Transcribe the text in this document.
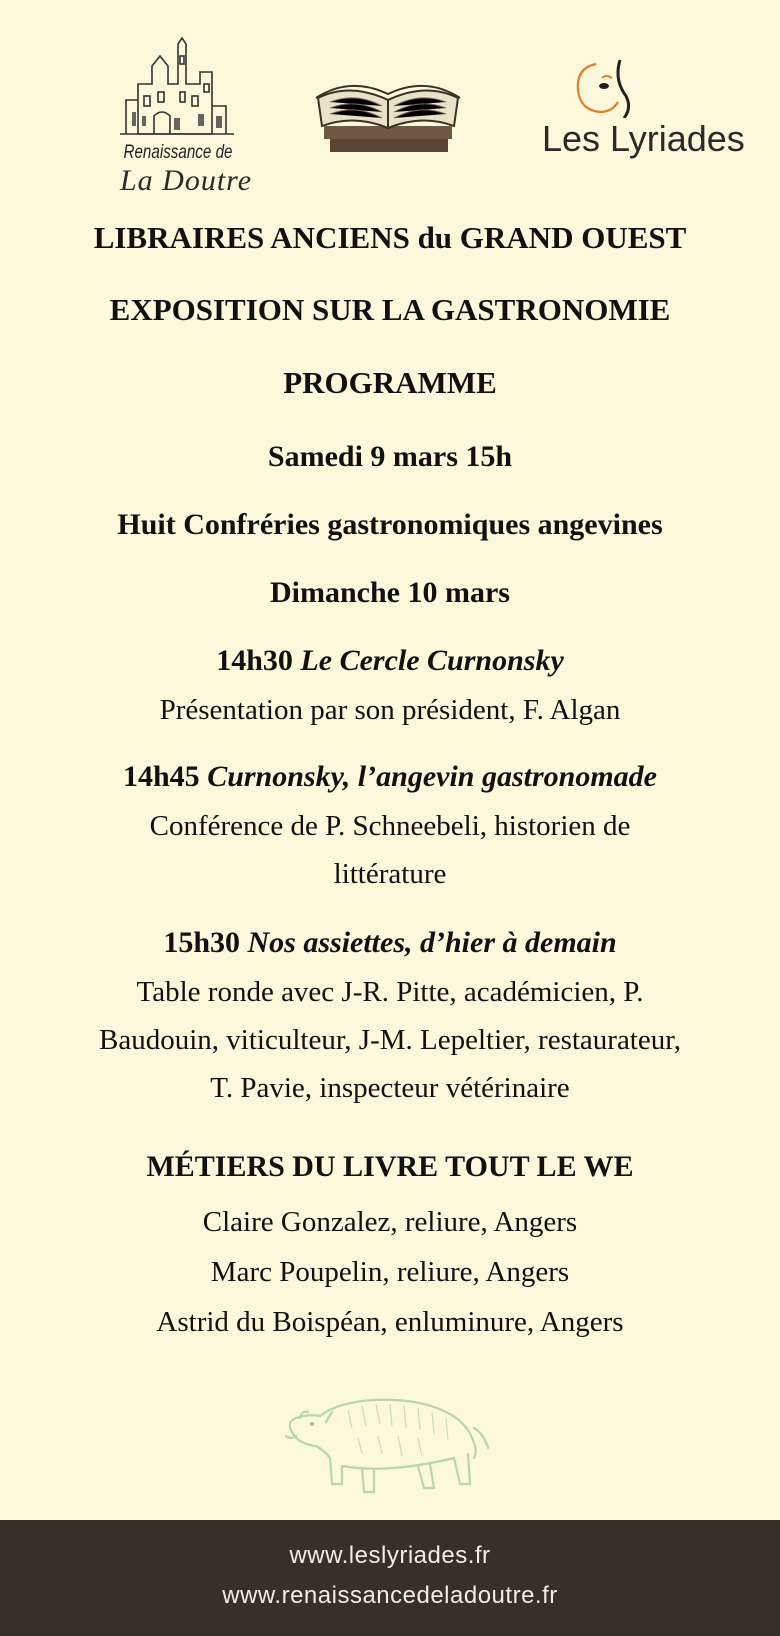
Renaissance de
La Doutre
Les Lyriades
LIBRAIRES ANCIENS du GRAND OUEST
EXPOSITION SUR LA GASTRONOMIE
PROGRAMME
Samedi 9 mars 15h
Huit Confréries gastronomiques angevines
Dimanche 10 mars
14h30 Le Cercle Curnonsky
Présentation par son président, F. Algan
14h45 Curnonsky, l’angevin gastronomade
Conférence de P. Schneebeli, historien de
littérature
15h30 Nos assiettes, d’hier à demain
Table ronde avec J-R. Pitte, académicien, P.
Baudouin, viticulteur, J-M. Lepeltier, restaurateur,
T. Pavie, inspecteur vétérinaire
MÉTIERS DU LIVRE TOUT LE WE
Claire Gonzalez, reliure, Angers
Marc Poupelin, reliure, Angers
Astrid du Boispéan, enluminure, Angers
www.leslyriades.fr
www.renaissancedeladoutre.fr
